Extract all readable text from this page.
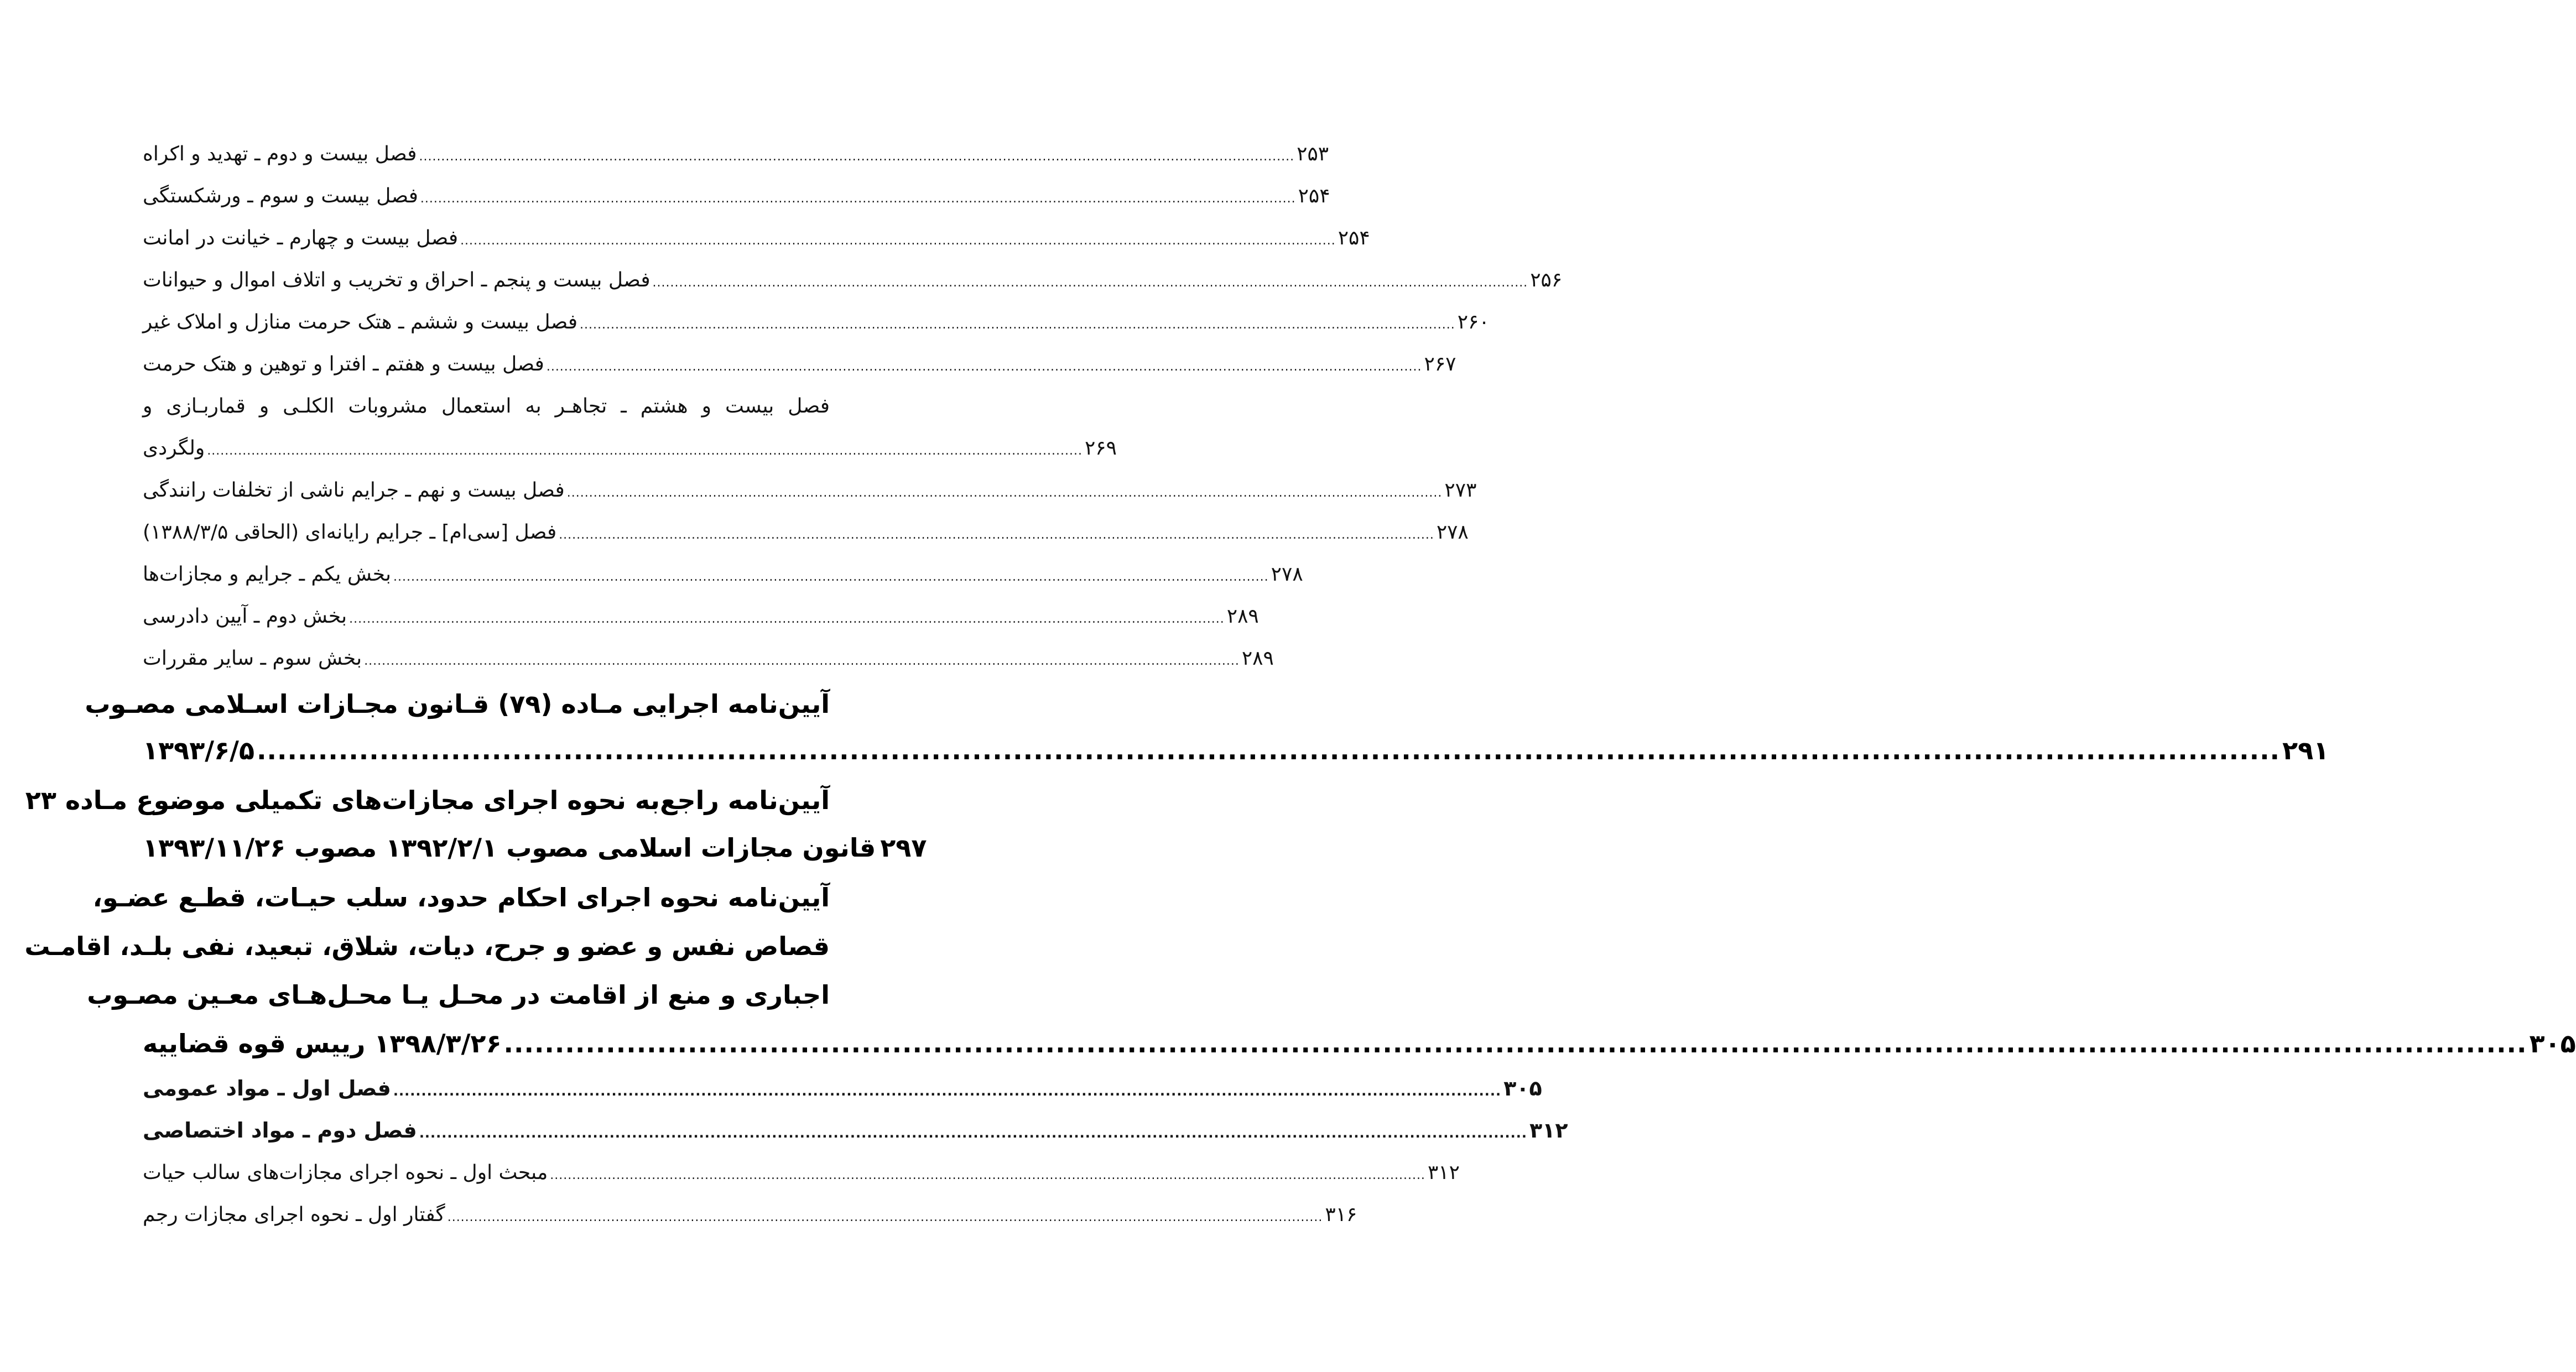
فصل بیست و دوم ـ تهدید و اکراه ...................................................................................................................................................................................................... ۲۵۳
فصل بیست و سوم ـ ورشکستگی ...................................................................................................................................................................................................... ۲۵۴
فصل بیست و چهارم ـ خیانت در امانت ...................................................................................................................................................................................................... ۲۵۴
فصل بیست و پنجم ـ احراق و تخریب و اتلاف اموال و حیوانات ...................................................................................................................................................................................................... ۲۵۶
فصل بیست و ششم ـ هتک حرمت منازل و املاک غیر ...................................................................................................................................................................................................... ۲۶۰
فصل بیست و هفتم ـ افترا و توهین و هتک حرمت ...................................................................................................................................................................................................... ۲۶۷
فصل بیست و هشتم ـ تجاهـر به استعمال مشروبات الکلـی و قماربـازی و
ولگردی ...................................................................................................................................................................................................... ۲۶۹
فصل بیست و نهم ـ جرایم ناشی از تخلفات رانندگی ...................................................................................................................................................................................................... ۲۷۳
فصل [سی‌ام] ـ جرایم رایانه‌ای (الحاقی ۱۳۸۸/۳/۵) ...................................................................................................................................................................................................... ۲۷۸
بخش یکم ـ جرایم و مجازات‌ها ...................................................................................................................................................................................................... ۲۷۸
بخش دوم ـ آیین دادرسی ...................................................................................................................................................................................................... ۲۸۹
بخش سوم ـ سایر مقررات ...................................................................................................................................................................................................... ۲۸۹
آیین‌نامه اجرایی مـاده (۷۹) قـانون مجـازات اسـلامی مصـوب
۱۳۹۳/۶/۵ ...................................................................................................................................................................................................... ۲۹۱
آیین‌نامه راجع‌به نحوه اجرای مجازات‌های تکمیلی موضوع مـاده ۲۳
قانون مجازات اسلامی مصوب ۱۳۹۲/۲/۱ مصوب ۱۳۹۳/۱۱/۲۶ ۲۹۷
آیین‌نامه نحوه اجرای احکام حدود، سلب حیـات، قطـع عضـو،
قصاص نفس و عضو و جرح، دیات، شلاق، تبعید، نفی بلـد، اقامـت
اجباری و منع از اقامت در محـل یـا محـل‌هـای معـین مصـوب
۱۳۹۸/۳/۲۶ رییس قوه قضاییه ...................................................................................................................................................................................................... ۳۰۵
فصل اول ـ مواد عمومی ...................................................................................................................................................................................................... ۳۰۵
فصل دوم ـ مواد اختصاصی ...................................................................................................................................................................................................... ۳۱۲
مبحث اول ـ نحوه اجرای مجازات‌های سالب حیات ...................................................................................................................................................................................................... ۳۱۲
گفتار اول ـ نحوه اجرای مجازات رجم ...................................................................................................................................................................................................... ۳۱۶
